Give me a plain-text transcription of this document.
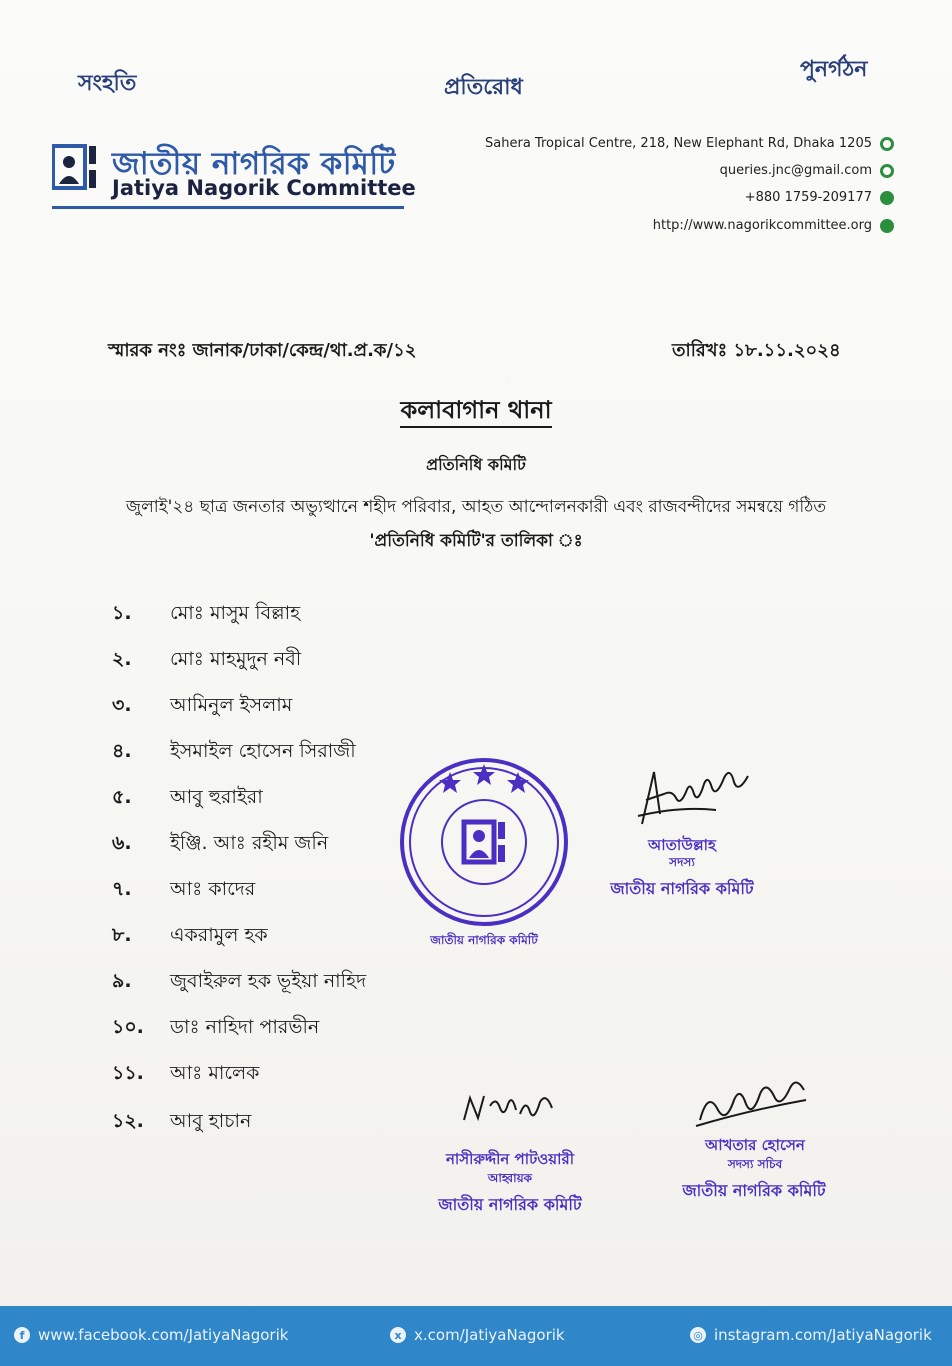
সংহতি	প্রতিরোধ
পুনর্গঠন
জাতীয় নাগরিক কমিটি
Jatiya Nagorik Committee
Sahera Tropical Centre, 218, New Elephant Rd, Dhaka 1205
queries.jnc@gmail.com
+880 1759-209177
http://www.nagorikcommittee.org
স্মারক নংঃ জানাক/ঢাকা/কেন্দ্র/থা.প্র.ক/১২	তারিখঃ ১৮.১১.২০২৪
কলাবাগান থানা
প্রতিনিধি কমিটি
জুলাই'২৪ ছাত্র জনতার অভ্যুত্থানে শহীদ পরিবার, আহত আন্দোলনকারী এবং রাজবন্দীদের সমন্বয়ে গঠিত
'প্রতিনিধি কমিটি'র তালিকা ঃ
১.	মোঃ মাসুম বিল্লাহ
২.	মোঃ মাহমুদুন নবী
৩.	আমিনুল ইসলাম
৪.	ইসমাইল হোসেন সিরাজী
৫.	আবু হুরাইরা
৬.	ইঞ্জি. আঃ রহীম জনি
৭.	আঃ কাদের
৮.	একরামুল হক
৯.	জুবাইরুল হক ভূইয়া নাহিদ
১০.	ডাঃ নাহিদা পারভীন
১১.	আঃ মালেক
১২.	আবু হাচান
জাতীয় নাগরিক কমিটি
আতাউল্লাহ
সদস্য
জাতীয় নাগরিক কমিটি
নাসীরুদ্দীন পাটওয়ারী
আহ্বায়ক
জাতীয় নাগরিক কমিটি
আখতার হোসেন
সদস্য সচিব
জাতীয় নাগরিক কমিটি
f www.facebook.com/JatiyaNagorik	x x.com/JatiyaNagorik	◎ instagram.com/JatiyaNagorik
